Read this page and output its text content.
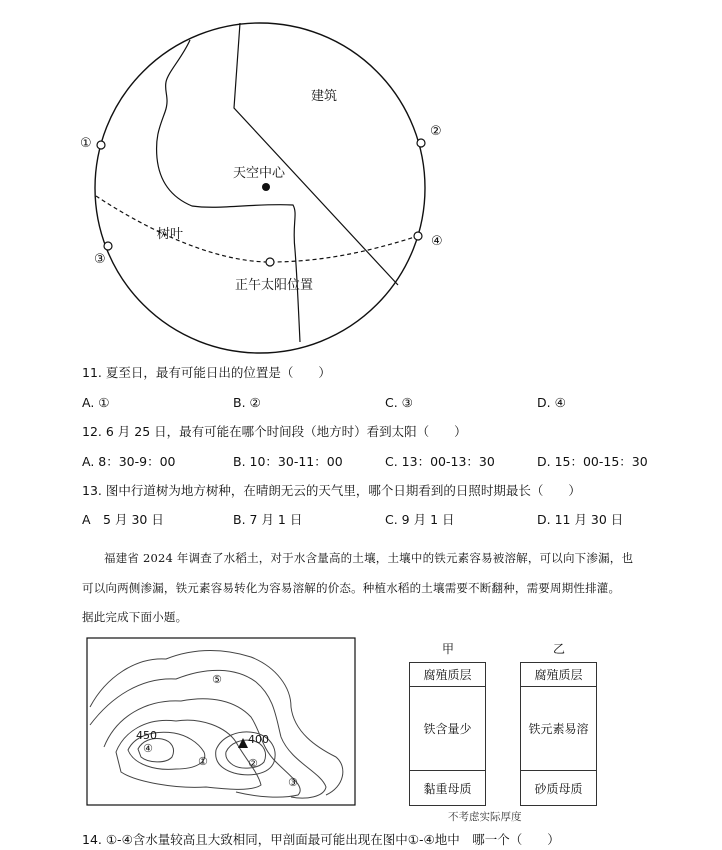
建筑
天空中心
树叶
正午太阳位置
①
②
③
④
11. 夏至日，最有可能日出的位置是（　　）
A. ①	B. ②	C. ③	D. ④
12. 6 月 25 日，最有可能在哪个时间段（地方时）看到太阳（　　）
A. 8：30-9：00	B. 10：30-11：00	C. 13：00-13：30	D. 15：00-15：30
13. 图中行道树为地方树种，在晴朗无云的天气里，哪个日期看到的日照时期最长（　　）
A　5 月 30 日	B. 7 月 1 日	C. 9 月 1 日	D. 11 月 30 日
福建省 2024 年调查了水稻土，对于水含量高的土壤，土壤中的铁元素容易被溶解，可以向下渗漏，也
可以向两侧渗漏，铁元素容易转化为容易溶解的价态。种植水稻的土壤需要不断翻种，需要周期性排灌。
据此完成下面小题。
450	400
①	②
③
④
⑤
甲
腐殖质层
铁含量少
黏重母质
乙
腐殖质层
铁元素易溶
砂质母质
不考虑实际厚度
14. ①-④含水量较高且大致相同，甲剖面最可能出现在图中①-④地中　哪一个（　　）
